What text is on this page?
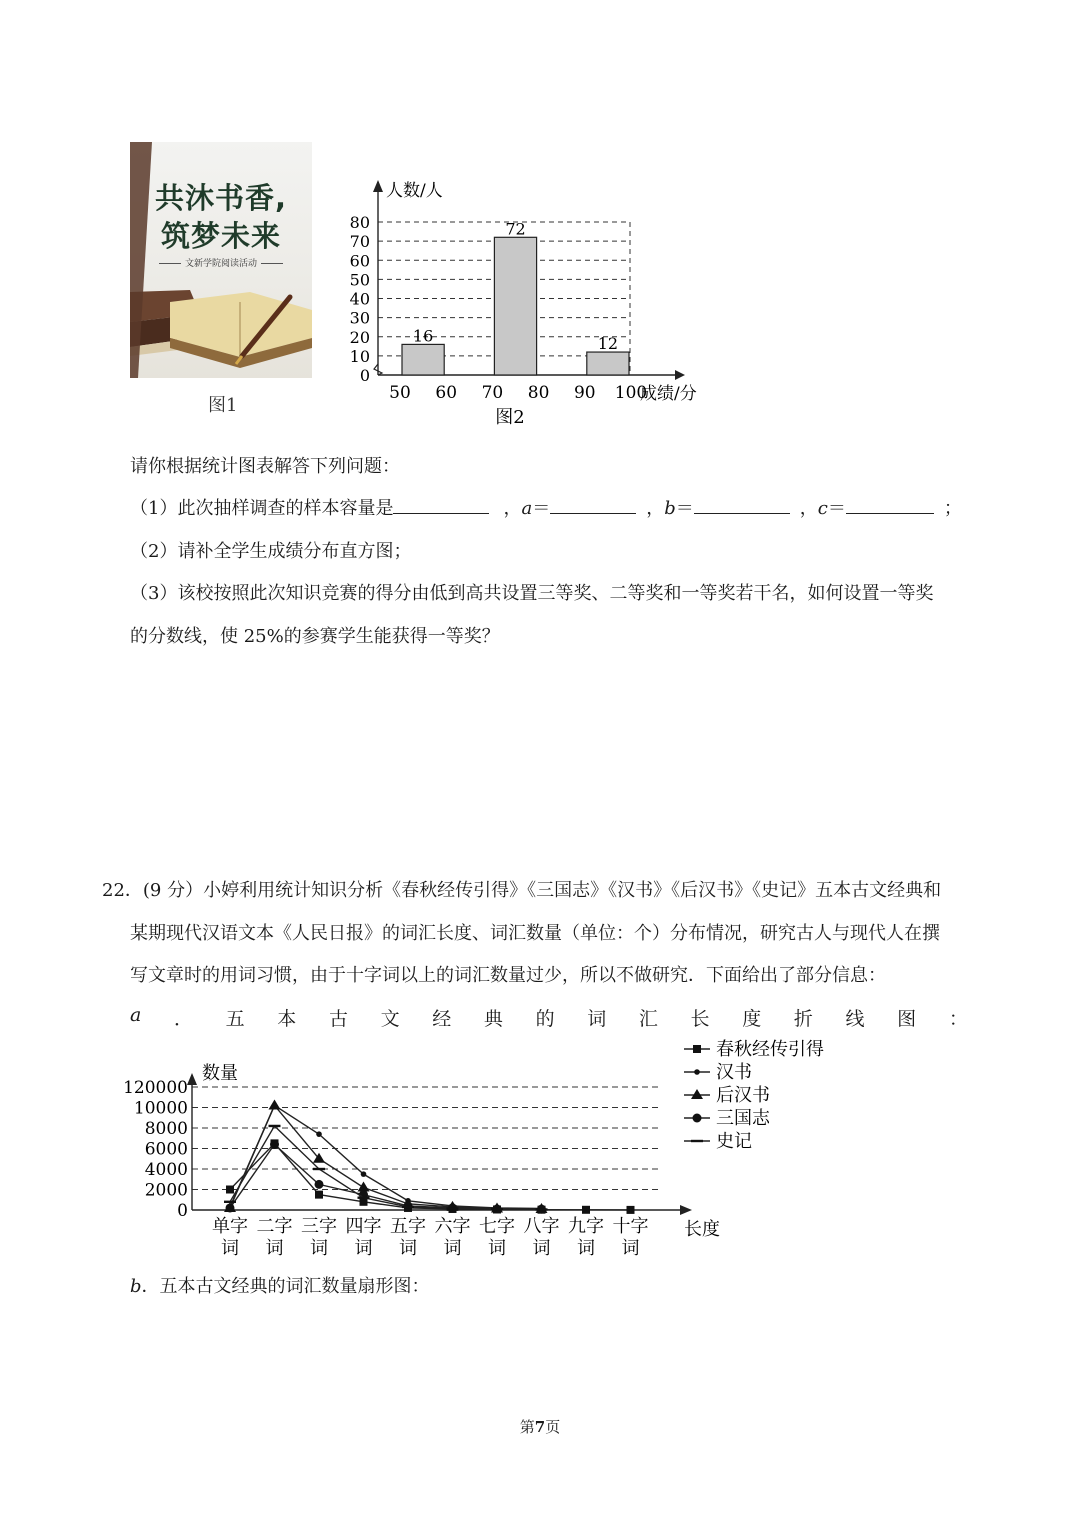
共沐书香,
筑梦未来
文新学院阅读活动
图1
80
70
60
50
40
30
20
10
0
人数/人
50 60 70 80 90 100
成绩/分
图2
16
72
12
请你根据统计图表解答下列问题：
（1）此次抽样调查的样本容量是	，a＝	，b＝	，c＝	；
（2）请补全学生成绩分布直方图；
（3）该校按照此次知识竞赛的得分由低到高共设置三等奖、二等奖和一等奖若干名，如何设置一等奖
的分数线，使 25%的参赛学生能获得一等奖？
22．(9 分）小婷利用统计知识分析《春秋经传引得》《三国志》《汉书》《后汉书》《史记》五本古文经典和
某期现代汉语文本《人民日报》的词汇长度、词汇数量（单位：个）分布情况，研究古人与现代人在撰
写文章时的用词习惯，由于十字词以上的词汇数量过少，所以不做研究．下面给出了部分信息：
a ． 五 本 古 文 经 典 的 词 汇 长 度 折 线 图 ：
120000
10000
8000
6000
4000
2000
0
数量
长度
单字
词
二字
词
三字
词
四字
词
五字
词
六字
词
七字
词
八字
词
九字
词
十字
词
春秋经传引得
汉书
后汉书
三国志
史记
b．五本古文经典的词汇数量扇形图：
第7页
